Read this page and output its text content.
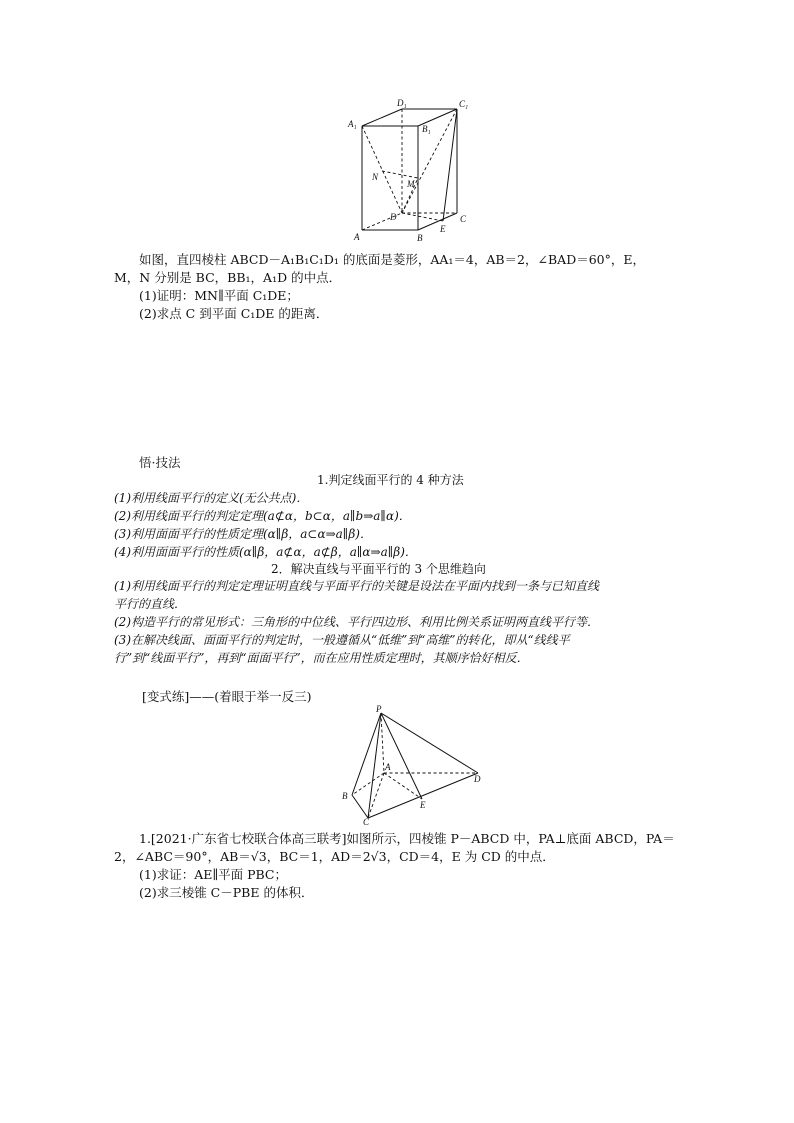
D₁	C₁
A₁	B₁
N
M
D	C
E
A	B
如图，直四棱柱 ABCD－A₁B₁C₁D₁ 的底面是菱形，AA₁＝4，AB＝2，∠BAD＝60°，E，
M，N 分别是 BC，BB₁，A₁D 的中点．
(1)证明：MN∥平面 C₁DE；
(2)求点 C 到平面 C₁DE 的距离．
悟·技法
1.判定线面平行的 4 种方法
(1)利用线面平行的定义(无公共点)．
(2)利用线面平行的判定定理(a⊄α，b⊂α，a∥b⇒a∥α)．
(3)利用面面平行的性质定理(α∥β，a⊂α⇒a∥β)．
(4)利用面面平行的性质(α∥β，a⊄α，a⊄β，a∥α⇒a∥β)．
2．解决直线与平面平行的 3 个思维趋向
(1)利用线面平行的判定定理证明直线与平面平行的关键是设法在平面内找到一条与已知直线
平行的直线．
(2)构造平行的常见形式：三角形的中位线、平行四边形、利用比例关系证明两直线平行等．
(3)在解决线面、面面平行的判定时，一般遵循从“低维”到“高维”的转化，即从“线线平
行”到“线面平行”，再到“面面平行”，而在应用性质定理时，其顺序恰好相反．
[变式练]——(着眼于举一反三)
P
A
B
C
D
E
1.[2021·广东省七校联合体高三联考]如图所示，四棱锥 P－ABCD 中，PA⊥底面 ABCD，PA＝
2，∠ABC＝90°，AB＝√3，BC＝1，AD＝2√3，CD＝4，E 为 CD 的中点．
(1)求证：AE∥平面 PBC；
(2)求三棱锥 C－PBE 的体积．
